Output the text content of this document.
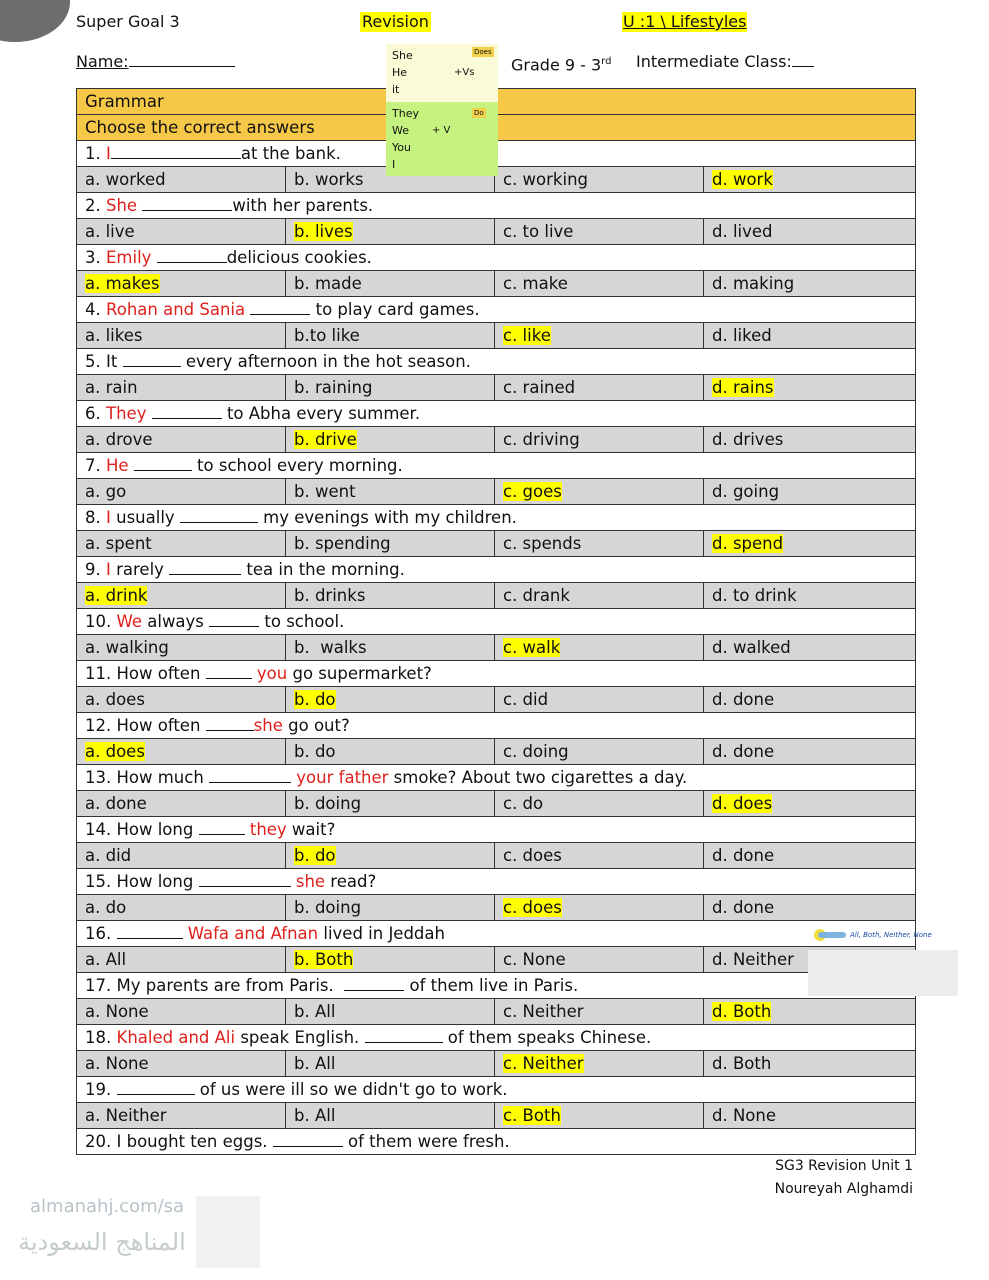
Super Goal 3	Revision	U :1 \ Lifestyles
Name:	Grade 9 - 3rd Intermediate Class:
She
He
it
+Vs
Does
They
We
You
I
+ V
Do
Grammar
Choose the correct answers
1. I	at the bank.
a. worked	b. works	c. working	d. work
2. She	with her parents.
a. live	b. lives	c. to live	d. lived
3. Emily	delicious cookies.
a. makes	b. made	c. make	d. making
4. Rohan and Sania	to play card games.
a. likes	b.to like	c. like	d. liked
5. It	every afternoon in the hot season.
a. rain	b. raining	c. rained	d. rains
6. They	to Abha every summer.
a. drove	b. drive	c. driving	d. drives
7. He	to school every morning.
a. go	b. went	c. goes	d. going
8. I usually	my evenings with my children.
a. spent	b. spending	c. spends	d. spend
9. I rarely	tea in the morning.
a. drink	b. drinks	c. drank	d. to drink
10. We always	to school.
a. walking	b.  walks	c. walk	d. walked
11. How often	you go supermarket?
a. does	b. do	c. did	d. done
12. How often	she go out?
a. does	b. do	c. doing	d. done
13. How much	your father smoke? About two cigarettes a day.
a. done	b. doing	c. do	d. does
14. How long	they wait?
a. did	b. do	c. does	d. done
15. How long	she read?
a. do	b. doing	c. does	d. done
16.	Wafa and Afnan lived in Jeddah
a. All	b. Both	c. None	d. Neither
17. My parents are from Paris.	of them live in Paris.
a. None	b. All	c. Neither	d. Both
18. Khaled and Ali speak English.	of them speaks Chinese.
a. None	b. All	c. Neither	d. Both
19.	of us were ill so we didn't go to work.
a. Neither	b. All	c. Both	d. None
20. I bought ten eggs.	of them were fresh.
All, Both, Neither, None
SG3 Revision Unit 1
Noureyah Alghamdi
almanahj.com/sa
المناهج السعودية
